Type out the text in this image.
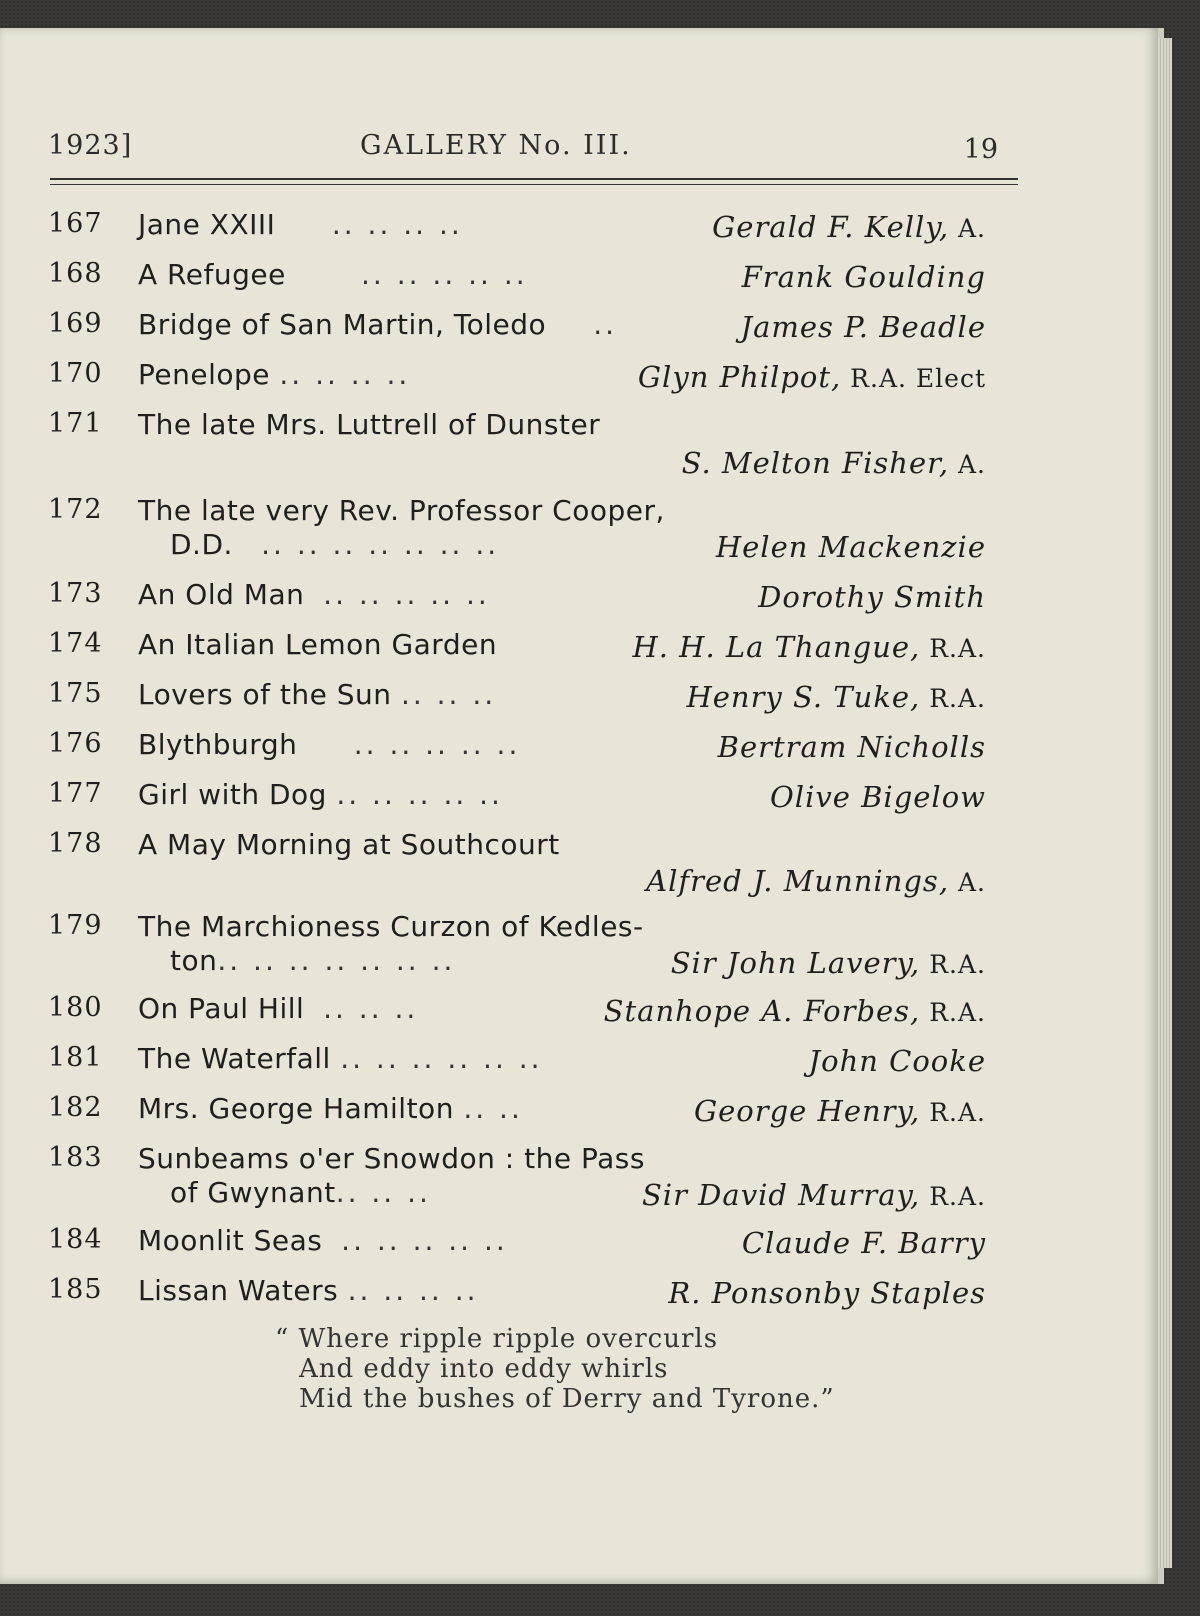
1923]	GALLERY No. III.	19
167 Jane XXIII .. .. .. ..	Gerald F. Kelly, A.
168 A Refugee	.. .. .. .. ..	Frank Goulding
169 Bridge of San Martin, Toledo ..	James P. Beadle
170 Penelope .. .. .. ..	Glyn Philpot, R.A. Elect
171 The late Mrs. Luttrell of Dunster
S. Melton Fisher, A.
172 The late very Rev. Professor Cooper,
D.D. .. .. .. .. .. .. ..	Helen Mackenzie
173 An Old Man .. .. .. .. ..	Dorothy Smith
174 An Italian Lemon Garden	H. H. La Thangue, R.A.
175 Lovers of the Sun .. .. ..	Henry S. Tuke, R.A.
176 Blythburgh .. .. .. .. ..	Bertram Nicholls
177 Girl with Dog .. .. .. .. ..	Olive Bigelow
178 A May Morning at Southcourt
Alfred J. Munnings, A.
179 The Marchioness Curzon of Kedles-
ton.. .. .. .. .. .. ..	Sir John Lavery, R.A.
180 On Paul Hill .. .. ..	Stanhope A. Forbes, R.A.
181 The Waterfall .. .. .. .. .. ..	John Cooke
182 Mrs. George Hamilton .. ..	George Henry, R.A.
183 Sunbeams o'er Snowdon : the Pass
of Gwynant.. .. ..	Sir David Murray, R.A.
184 Moonlit Seas .. .. .. .. ..	Claude F. Barry
185 Lissan Waters .. .. .. ..	R. Ponsonby Staples
“ Where ripple ripple overcurls
And eddy into eddy whirls
Mid the bushes of Derry and Tyrone.”
